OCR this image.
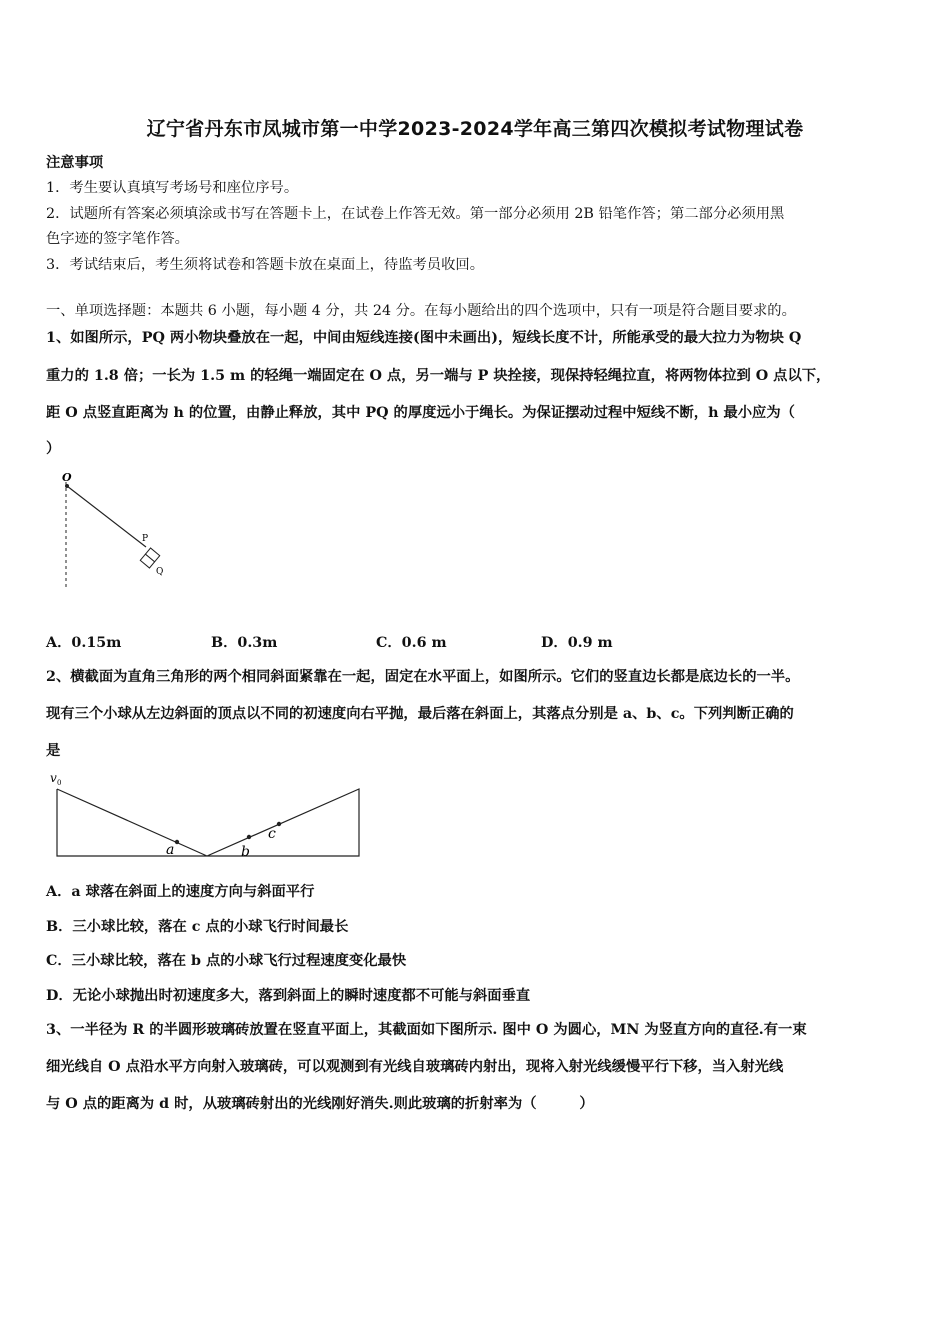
辽宁省丹东市凤城市第一中学2023-2024学年高三第四次模拟考试物理试卷
注意事项
1．考生要认真填写考场号和座位序号。
2．试题所有答案必须填涂或书写在答题卡上，在试卷上作答无效。第一部分必须用 2B 铅笔作答；第二部分必须用黑
色字迹的签字笔作答。
3．考试结束后，考生须将试卷和答题卡放在桌面上，待监考员收回。
一、单项选择题：本题共 6 小题，每小题 4 分，共 24 分。在每小题给出的四个选项中，只有一项是符合题目要求的。
1、如图所示，PQ 两小物块叠放在一起，中间由短线连接(图中未画出)，短线长度不计，所能承受的最大拉力为物块 Q
重力的 1.8 倍；一长为 1.5 m 的轻绳一端固定在 O 点，另一端与 P 块拴接，现保持轻绳拉直，将两物体拉到 O 点以下，
距 O 点竖直距离为 h 的位置，由静止释放，其中 PQ 的厚度远小于绳长。为保证摆动过程中短线不断，h 最小应为（
）
O
P
Q
A．0.15m	B．0.3m	C．0.6 m	D．0.9 m
2、横截面为直角三角形的两个相同斜面紧靠在一起，固定在水平面上，如图所示。它们的竖直边长都是底边长的一半。
现有三个小球从左边斜面的顶点以不同的初速度向右平抛，最后落在斜面上，其落点分别是 a、b、c。下列判断正确的
是
v 0
a	b
c
A．a 球落在斜面上的速度方向与斜面平行
B．三小球比较，落在 c 点的小球飞行时间最长
C．三小球比较，落在 b 点的小球飞行过程速度变化最快
D．无论小球抛出时初速度多大，落到斜面上的瞬时速度都不可能与斜面垂直
3、一半径为 R 的半圆形玻璃砖放置在竖直平面上，其截面如下图所示. 图中 O 为圆心，MN 为竖直方向的直径.有一束
细光线自 O 点沿水平方向射入玻璃砖，可以观测到有光线自玻璃砖内射出，现将入射光线缓慢平行下移，当入射光线
与 O 点的距离为 d 时，从玻璃砖射出的光线刚好消失.则此玻璃的折射率为（　　　）
